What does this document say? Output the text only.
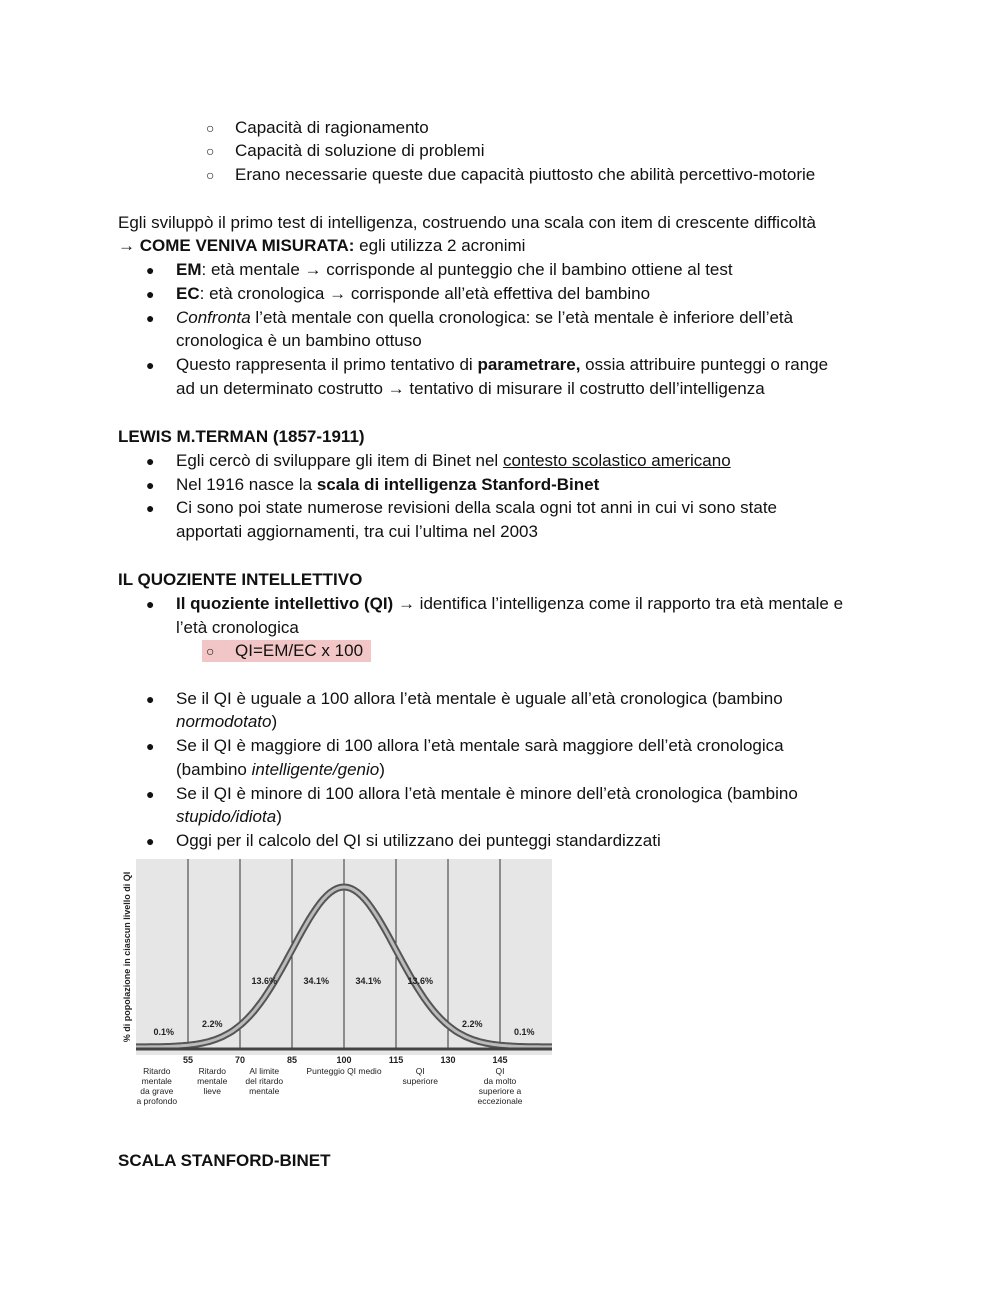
○ Capacità di ragionamento
○ Capacità di soluzione di problemi
○ Erano necessarie queste due capacità piuttosto che abilità percettivo-motorie
Egli sviluppò il primo test di intelligenza, costruendo una scala con item di crescente difficoltà
→ COME VENIVA MISURATA: egli utilizza 2 acronimi
● EM: età mentale → corrisponde al punteggio che il bambino ottiene al test
● EC: età cronologica → corrisponde all’età effettiva del bambino
● Confronta l’età mentale con quella cronologica: se l’età mentale è inferiore dell’età
cronologica è un bambino ottuso
● Questo rappresenta il primo tentativo di parametrare, ossia attribuire punteggi o range
ad un determinato costrutto → tentativo di misurare il costrutto dell’intelligenza
LEWIS M.TERMAN (1857-1911)
● Egli cercò di sviluppare gli item di Binet nel contesto scolastico americano
● Nel 1916 nasce la scala di intelligenza Stanford-Binet
● Ci sono poi state numerose revisioni della scala ogni tot anni in cui vi sono state
apportati aggiornamenti, tra cui l’ultima nel 2003
IL QUOZIENTE INTELLETTIVO
● Il quoziente intellettivo (QI) → identifica l’intelligenza come il rapporto tra età mentale e
l’età cronologica
○ QI=EM/EC x 100
● Se il QI è uguale a 100 allora l’età mentale è uguale all’età cronologica (bambino
normodotato)
● Se il QI è maggiore di 100 allora l’età mentale sarà maggiore dell’età cronologica
(bambino intelligente/genio)
● Se il QI è minore di 100 allora l’età mentale è minore dell’età cronologica (bambino
stupido/idiota)
● Oggi per il calcolo del QI si utilizzano dei punteggi standardizzati
% di popolazione in ciascun livello di QI 0.1%
2.2%
13.6%	34.1%	34.1%	13.6%
2.2%
0.1%
55	70	85	100	115	130	145
Ritardo mentale da grave a profondo
Ritardo mentale lieve
Al limite del ritardo mentale
Punteggio QI medio	QI superiore
QI da molto superiore a eccezionale
SCALA STANFORD-BINET
